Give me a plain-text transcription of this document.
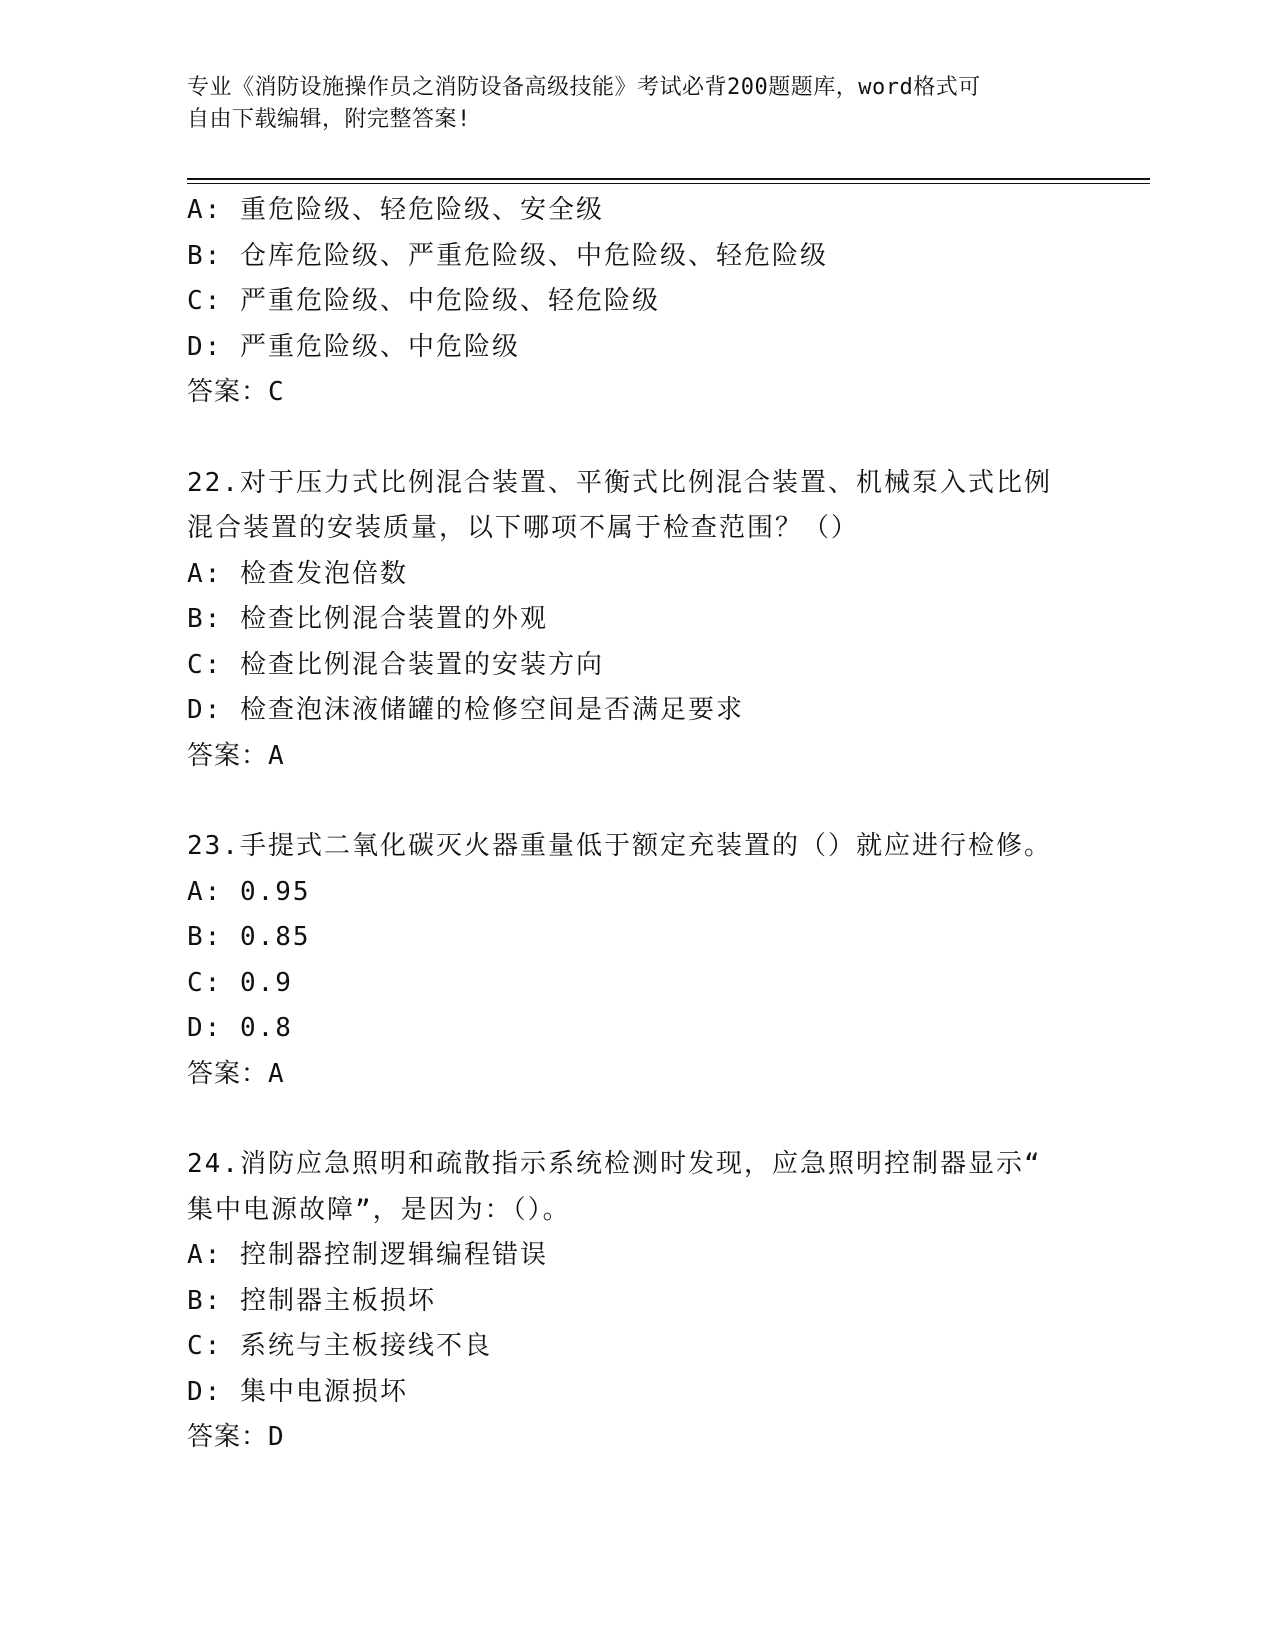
专业《消防设施操作员之消防设备高级技能》考试必背200题题库，word格式可
自由下载编辑，附完整答案!
A: 重危险级、轻危险级、安全级
B: 仓库危险级、严重危险级、中危险级、轻危险级
C: 严重危险级、中危险级、轻危险级
D: 严重危险级、中危险级
答案：C
22.对于压力式比例混合装置、平衡式比例混合装置、机械泵入式比例
混合装置的安装质量，以下哪项不属于检查范围？（）
A: 检查发泡倍数
B: 检查比例混合装置的外观
C: 检查比例混合装置的安装方向
D: 检查泡沫液储罐的检修空间是否满足要求
答案：A
23.手提式二氧化碳灭火器重量低于额定充装置的（）就应进行检修。
A: 0.95
B: 0.85
C: 0.9
D: 0.8
答案：A
24.消防应急照明和疏散指示系统检测时发现，应急照明控制器显示“
集中电源故障”，是因为：（）。
A: 控制器控制逻辑编程错误
B: 控制器主板损坏
C: 系统与主板接线不良
D: 集中电源损坏
答案：D
